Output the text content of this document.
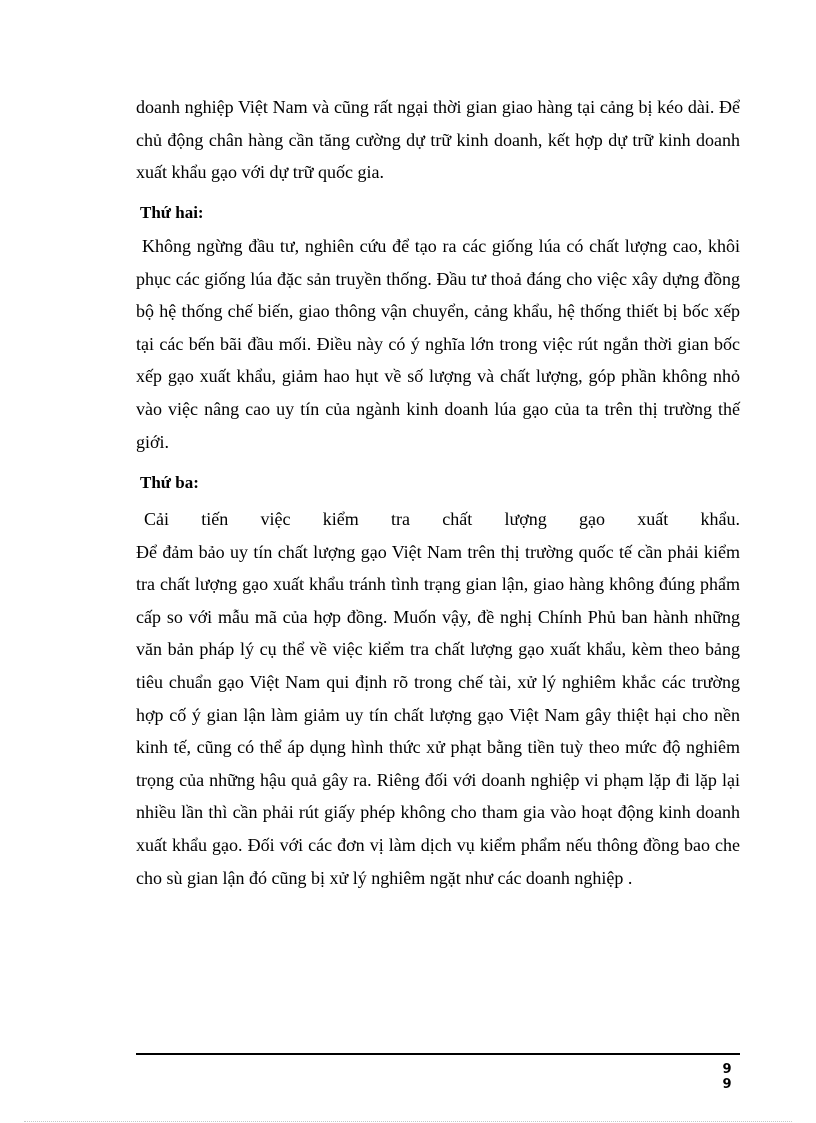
doanh nghiệp Việt Nam và cũng rất ngại thời gian giao hàng tại cảng bị kéo dài. Để chủ động chân hàng cần tăng cường dự trữ kinh doanh, kết hợp dự trữ kinh doanh xuất khẩu gạo với dự trữ quốc gia.
Thứ hai:
Không ngừng đầu tư, nghiên cứu để tạo ra các giống lúa có chất lượng cao, khôi phục các giống lúa đặc sản truyền thống. Đầu tư thoả đáng cho việc xây dựng đồng bộ hệ thống chế biến, giao thông vận chuyển, cảng khẩu, hệ thống thiết bị bốc xếp tại các bến bãi đầu mối. Điều này có ý nghĩa lớn trong việc rút ngắn thời gian bốc xếp gạo xuất khẩu, giảm hao hụt về số lượng và chất lượng, góp phần không nhỏ vào việc nâng cao uy tín của ngành kinh doanh lúa gạo của ta trên thị trường thế giới.
Thứ ba:
Cải tiến việc kiểm tra chất lượng gạo xuất khẩu.
Để đảm bảo uy tín chất lượng gạo Việt Nam trên thị trường quốc tế cần phải kiểm tra chất lượng gạo xuất khẩu tránh tình trạng gian lận, giao hàng không đúng phẩm cấp so với mẫu mã của hợp đồng. Muốn vậy, đề nghị Chính Phủ ban hành những văn bản pháp lý cụ thể về việc kiểm tra chất lượng gạo xuất khẩu, kèm theo bảng tiêu chuẩn gạo Việt Nam qui định rõ trong chế tài, xử lý nghiêm khắc các trường hợp cố ý gian lận làm giảm uy tín chất lượng gạo Việt Nam gây thiệt hại cho nền kinh tế, cũng có thể áp dụng hình thức xử phạt bằng tiền tuỳ theo mức độ nghiêm trọng của những hậu quả gây ra. Riêng đối với doanh nghiệp vi phạm lặp đi lặp lại nhiều lần thì cần phải rút giấy phép không cho tham gia vào hoạt động kinh doanh xuất khẩu gạo. Đối với các đơn vị làm dịch vụ kiểm phẩm nếu thông đồng bao che cho sù gian lận đó cũng bị xử lý nghiêm ngặt như các doanh nghiệp .
9
9
